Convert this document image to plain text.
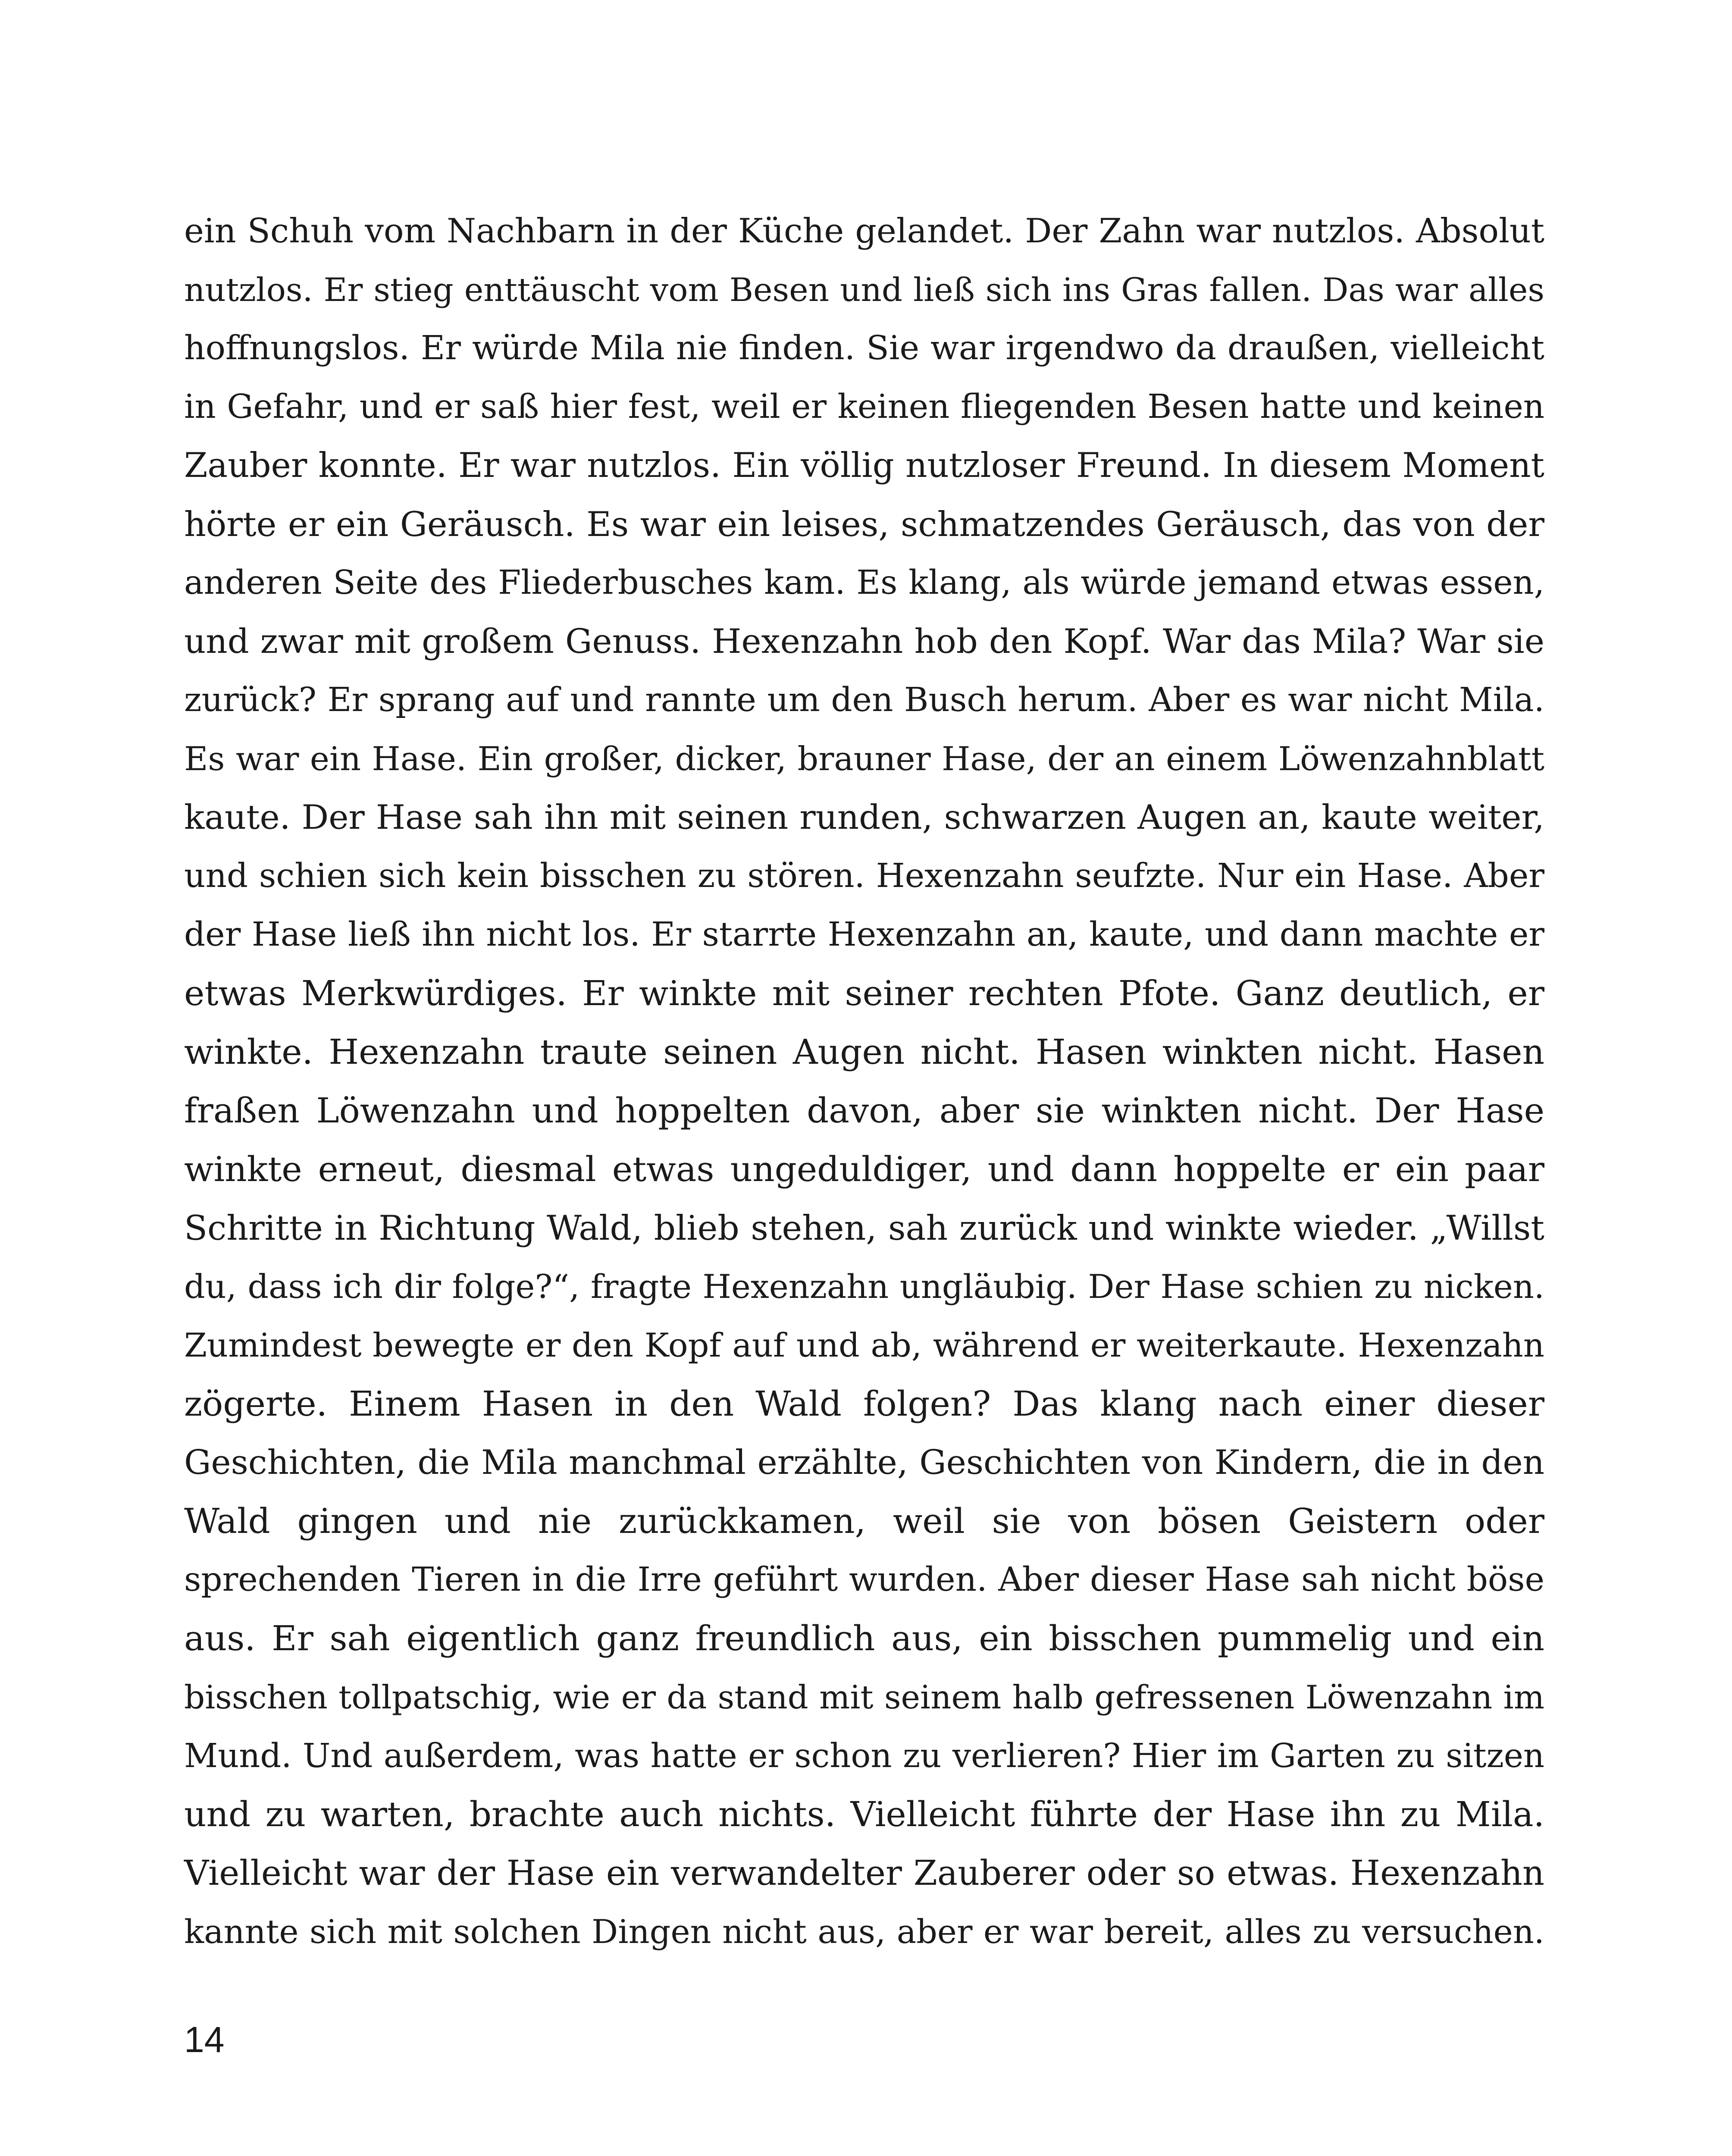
ein Schuh vom Nachbarn in der Küche gelandet. Der Zahn war nutzlos. Absolut
nutzlos. Er stieg enttäuscht vom Besen und ließ sich ins Gras fallen. Das war alles
hoffnungslos. Er würde Mila nie finden. Sie war irgendwo da draußen, vielleicht
in Gefahr, und er saß hier fest, weil er keinen fliegenden Besen hatte und keinen
Zauber konnte. Er war nutzlos. Ein völlig nutzloser Freund. In diesem Moment
hörte er ein Geräusch. Es war ein leises, schmatzendes Geräusch, das von der
anderen Seite des Fliederbusches kam. Es klang, als würde jemand etwas essen,
und zwar mit großem Genuss. Hexenzahn hob den Kopf. War das Mila? War sie
zurück? Er sprang auf und rannte um den Busch herum. Aber es war nicht Mila.
Es war ein Hase. Ein großer, dicker, brauner Hase, der an einem Löwenzahnblatt
kaute. Der Hase sah ihn mit seinen runden, schwarzen Augen an, kaute weiter,
und schien sich kein bisschen zu stören. Hexenzahn seufzte. Nur ein Hase. Aber
der Hase ließ ihn nicht los. Er starrte Hexenzahn an, kaute, und dann machte er
etwas Merkwürdiges. Er winkte mit seiner rechten Pfote. Ganz deutlich, er
winkte. Hexenzahn traute seinen Augen nicht. Hasen winkten nicht. Hasen
fraßen Löwenzahn und hoppelten davon, aber sie winkten nicht. Der Hase
winkte erneut, diesmal etwas ungeduldiger, und dann hoppelte er ein paar
Schritte in Richtung Wald, blieb stehen, sah zurück und winkte wieder. „Willst
du, dass ich dir folge?“, fragte Hexenzahn ungläubig. Der Hase schien zu nicken.
Zumindest bewegte er den Kopf auf und ab, während er weiterkaute. Hexenzahn
zögerte. Einem Hasen in den Wald folgen? Das klang nach einer dieser
Geschichten, die Mila manchmal erzählte, Geschichten von Kindern, die in den
Wald gingen und nie zurückkamen, weil sie von bösen Geistern oder
sprechenden Tieren in die Irre geführt wurden. Aber dieser Hase sah nicht böse
aus. Er sah eigentlich ganz freundlich aus, ein bisschen pummelig und ein
bisschen tollpatschig, wie er da stand mit seinem halb gefressenen Löwenzahn im
Mund. Und außerdem, was hatte er schon zu verlieren? Hier im Garten zu sitzen
und zu warten, brachte auch nichts. Vielleicht führte der Hase ihn zu Mila.
Vielleicht war der Hase ein verwandelter Zauberer oder so etwas. Hexenzahn
kannte sich mit solchen Dingen nicht aus, aber er war bereit, alles zu versuchen.
14
